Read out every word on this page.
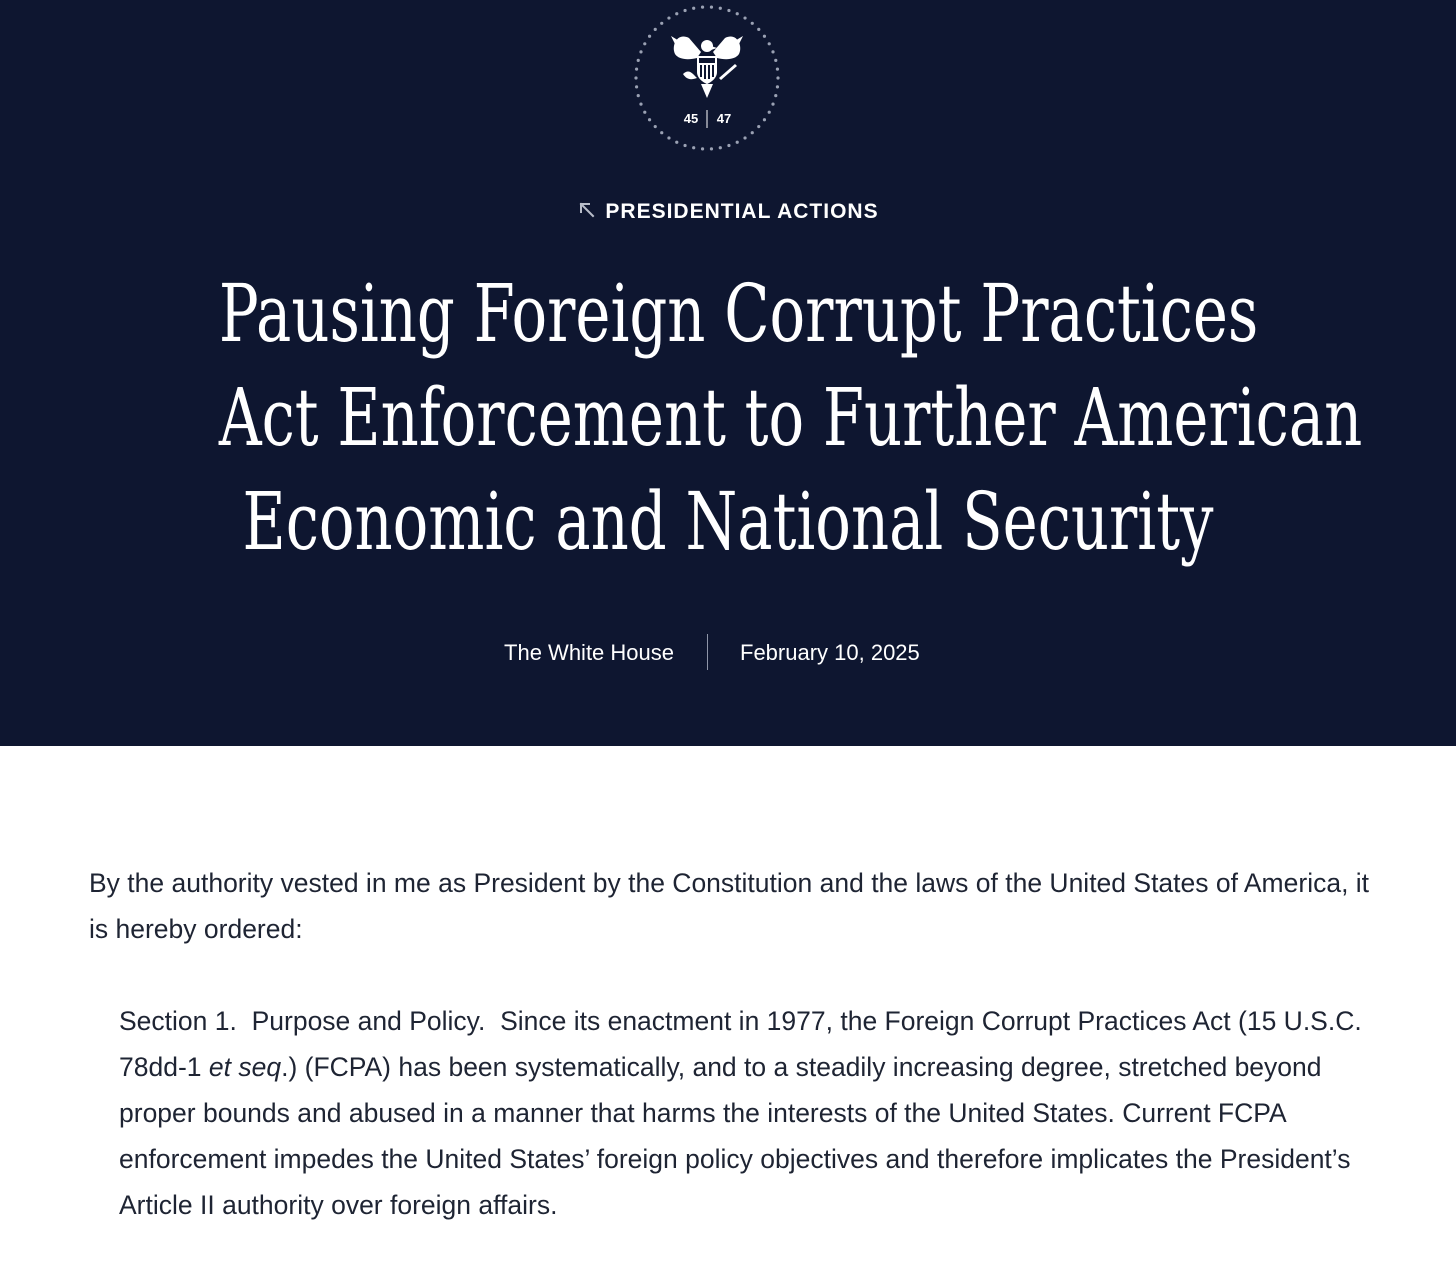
45 47
PRESIDENTIAL ACTIONS
Pausing Foreign Corrupt Practices
Act Enforcement to Further American
Economic and National Security
The White House	February 10, 2025

By the authority vested in me as President by the Constitution and the laws of the United States of America, it is hereby ordered:

Section 1. Purpose and Policy. Since its enactment in 1977, the Foreign Corrupt Practices Act (15 U.S.C. 78dd-1 et seq.) (FCPA) has been systematically, and to a steadily increasing degree, stretched beyond proper bounds and abused in a manner that harms the interests of the United States. Current FCPA enforcement impedes the United States’ foreign policy objectives and therefore implicates the President’s Article II authority over foreign affairs.
